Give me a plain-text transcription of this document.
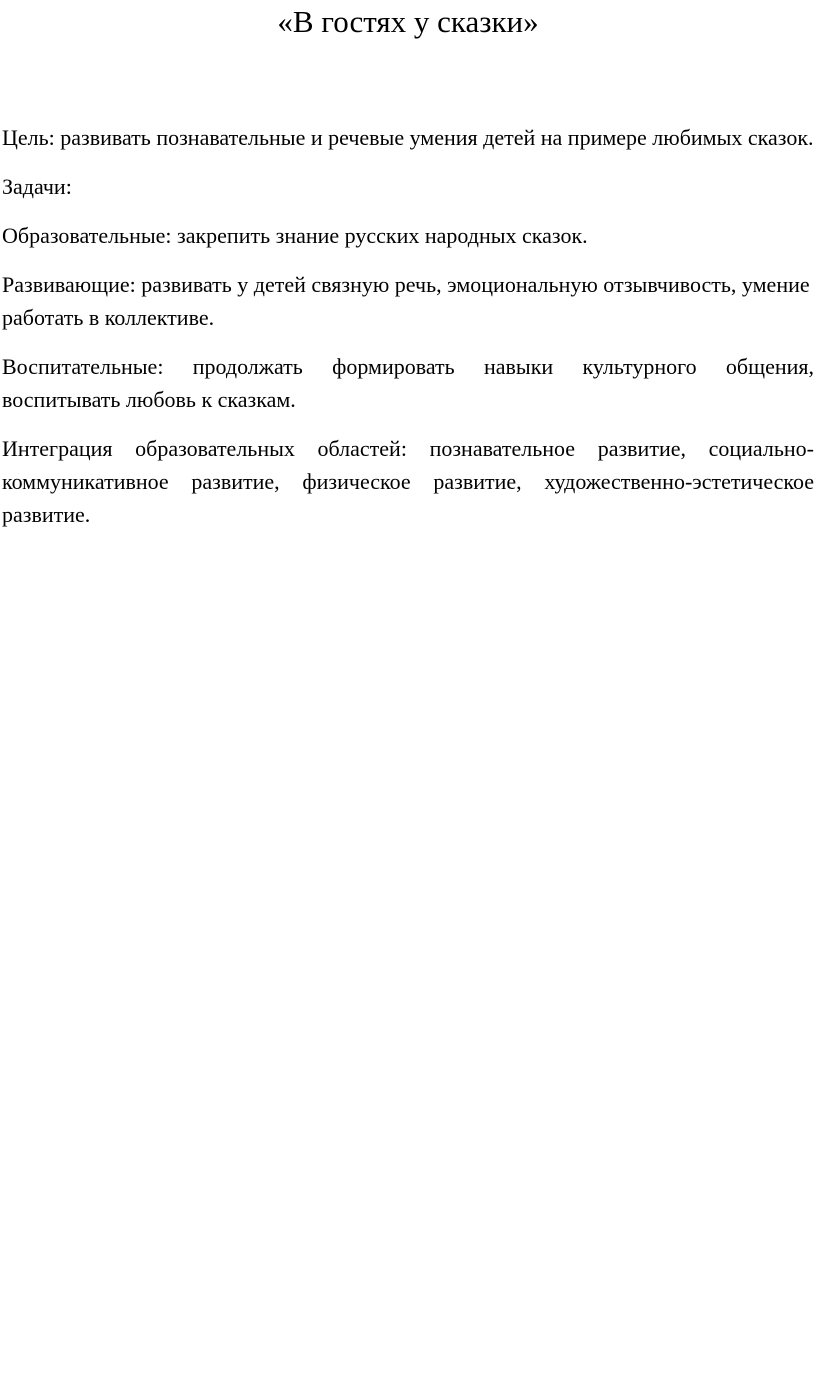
«В гостях у сказки»

Цель: развивать познавательные и речевые умения детей на примере любимых сказок.

Задачи:

Образовательные: закрепить знание русских народных сказок.

Развивающие: развивать у детей связную речь, эмоциональную отзывчивость, умение работать в коллективе.

Воспитательные: продолжать формировать навыки культурного общения, воспитывать любовь к сказкам.

Интеграция образовательных областей: познавательное развитие, социально-коммуникативное развитие, физическое развитие, художественно-эстетическое развитие.
